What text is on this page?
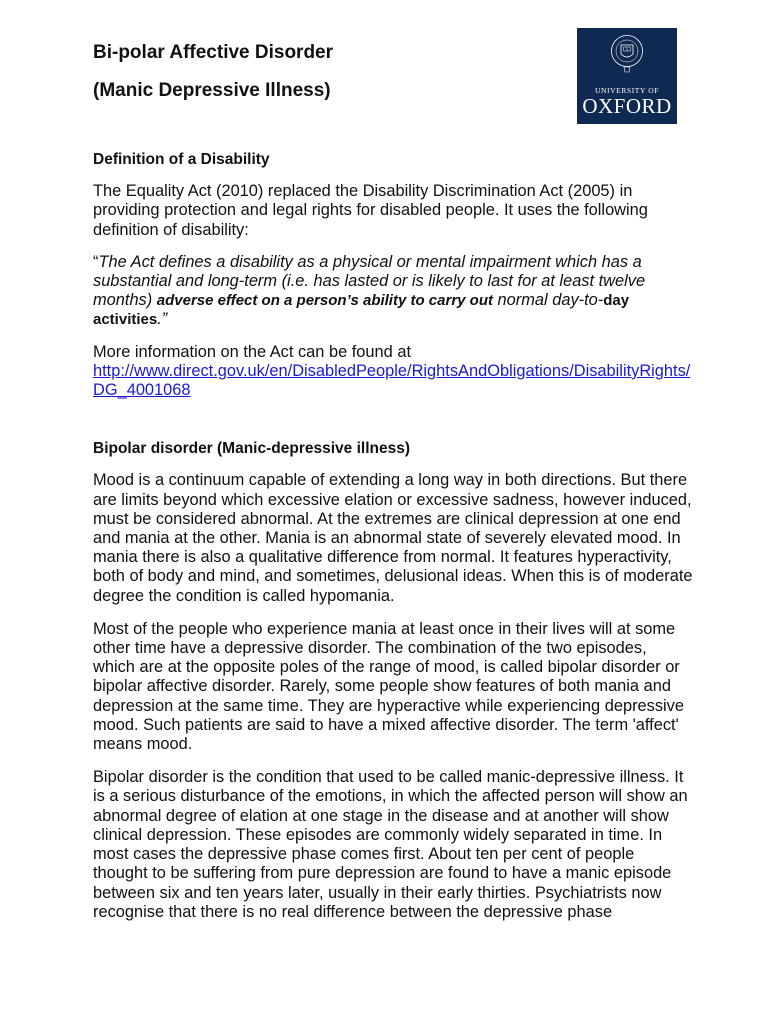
Bi-polar Affective Disorder
(Manic Depressive Illness)
Definition of a Disability

The Equality Act (2010) replaced the Disability Discrimination Act (2005) in providing protection and legal rights for disabled people. It uses the following definition of disability:

“The Act defines a disability as a physical or mental impairment which has a substantial and long-term (i.e. has lasted or is likely to last for at least twelve months) adverse effect on a person’s ability to carry out normal day-to-day activities.”

More information on the Act can be found at

http://www.direct.gov.uk/en/DisabledPeople/RightsAndObligations/DisabilityRights/DG_4001068

Bipolar disorder (Manic-depressive illness)

Mood is a continuum capable of extending a long way in both directions. But there are limits beyond which excessive elation or excessive sadness, however induced, must be considered abnormal. At the extremes are clinical depression at one end and mania at the other. Mania is an abnormal state of severely elevated mood. In mania there is also a qualitative difference from normal. It features hyperactivity, both of body and mind, and sometimes, delusional ideas. When this is of moderate degree the condition is called hypomania.

Most of the people who experience mania at least once in their lives will at some other time have a depressive disorder. The combination of the two episodes, which are at the opposite poles of the range of mood, is called bipolar disorder or bipolar affective disorder. Rarely, some people show features of both mania and depression at the same time. They are hyperactive while experiencing depressive mood. Such patients are said to have a mixed affective disorder. The term 'affect' means mood.

Bipolar disorder is the condition that used to be called manic-depressive illness. It is a serious disturbance of the emotions, in which the affected person will show an abnormal degree of elation at one stage in the disease and at another will show clinical depression. These episodes are commonly widely separated in time. In most cases the depressive phase comes first. About ten per cent of people thought to be suffering from pure depression are found to have a manic episode between six and ten years later, usually in their early thirties. Psychiatrists now recognise that there is no real difference between the depressive phase

UNIVERSITY OF
OXFORD
